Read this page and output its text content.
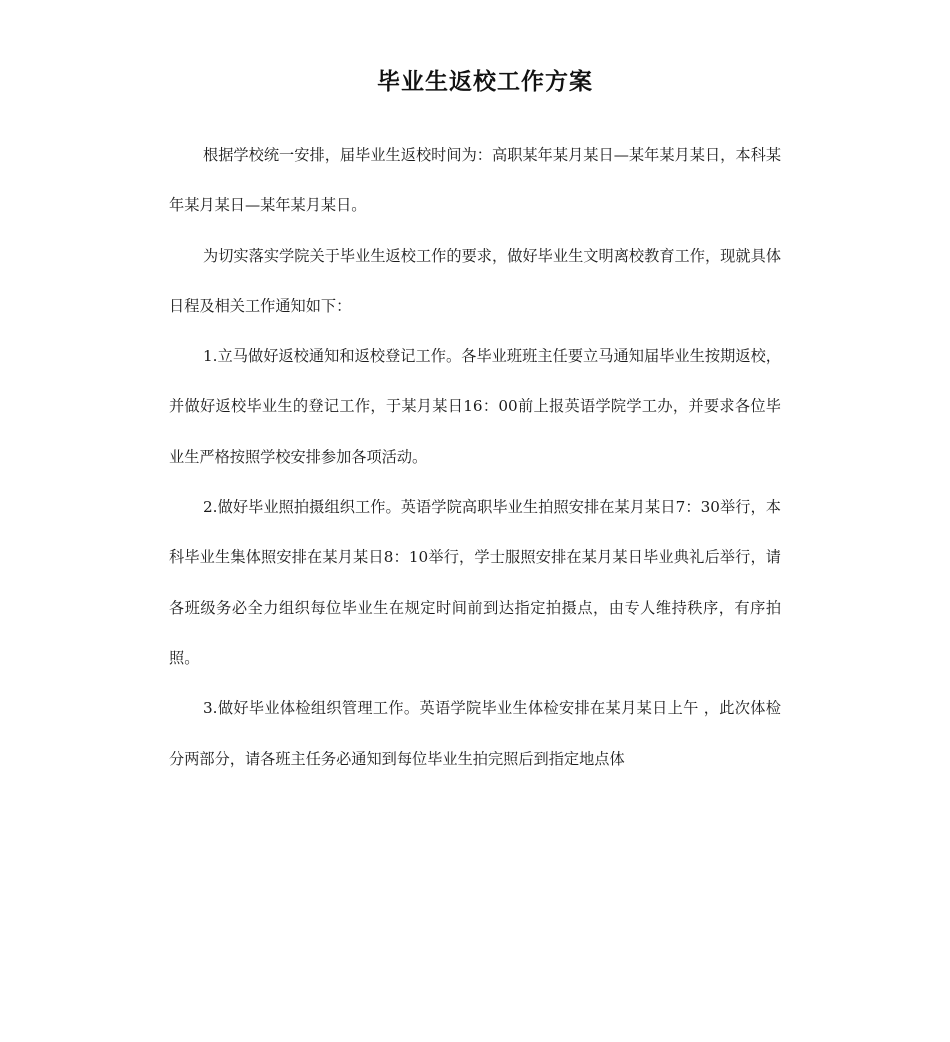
毕业生返校工作方案

根据学校统一安排，届毕业生返校时间为：高职某年某月某日—某年某月某日，本科某年某月某日—某年某月某日。

为切实落实学院关于毕业生返校工作的要求，做好毕业生文明离校教育工作，现就具体日程及相关工作通知如下：

1.立马做好返校通知和返校登记工作。各毕业班班主任要立马通知届毕业生按期返校，并做好返校毕业生的登记工作，于某月某日16：00前上报英语学院学工办，并要求各位毕业生严格按照学校安排参加各项活动。

2.做好毕业照拍摄组织工作。英语学院高职毕业生拍照安排在某月某日7：30举行，本科毕业生集体照安排在某月某日8：10举行，学士服照安排在某月某日毕业典礼后举行，请各班级务必全力组织每位毕业生在规定时间前到达指定拍摄点，由专人维持秩序，有序拍照。

3.做好毕业体检组织管理工作。英语学院毕业生体检安排在某月某日上午 ，此次体检分两部分，请各班主任务必通知到每位毕业生拍完照后到指定地点体
